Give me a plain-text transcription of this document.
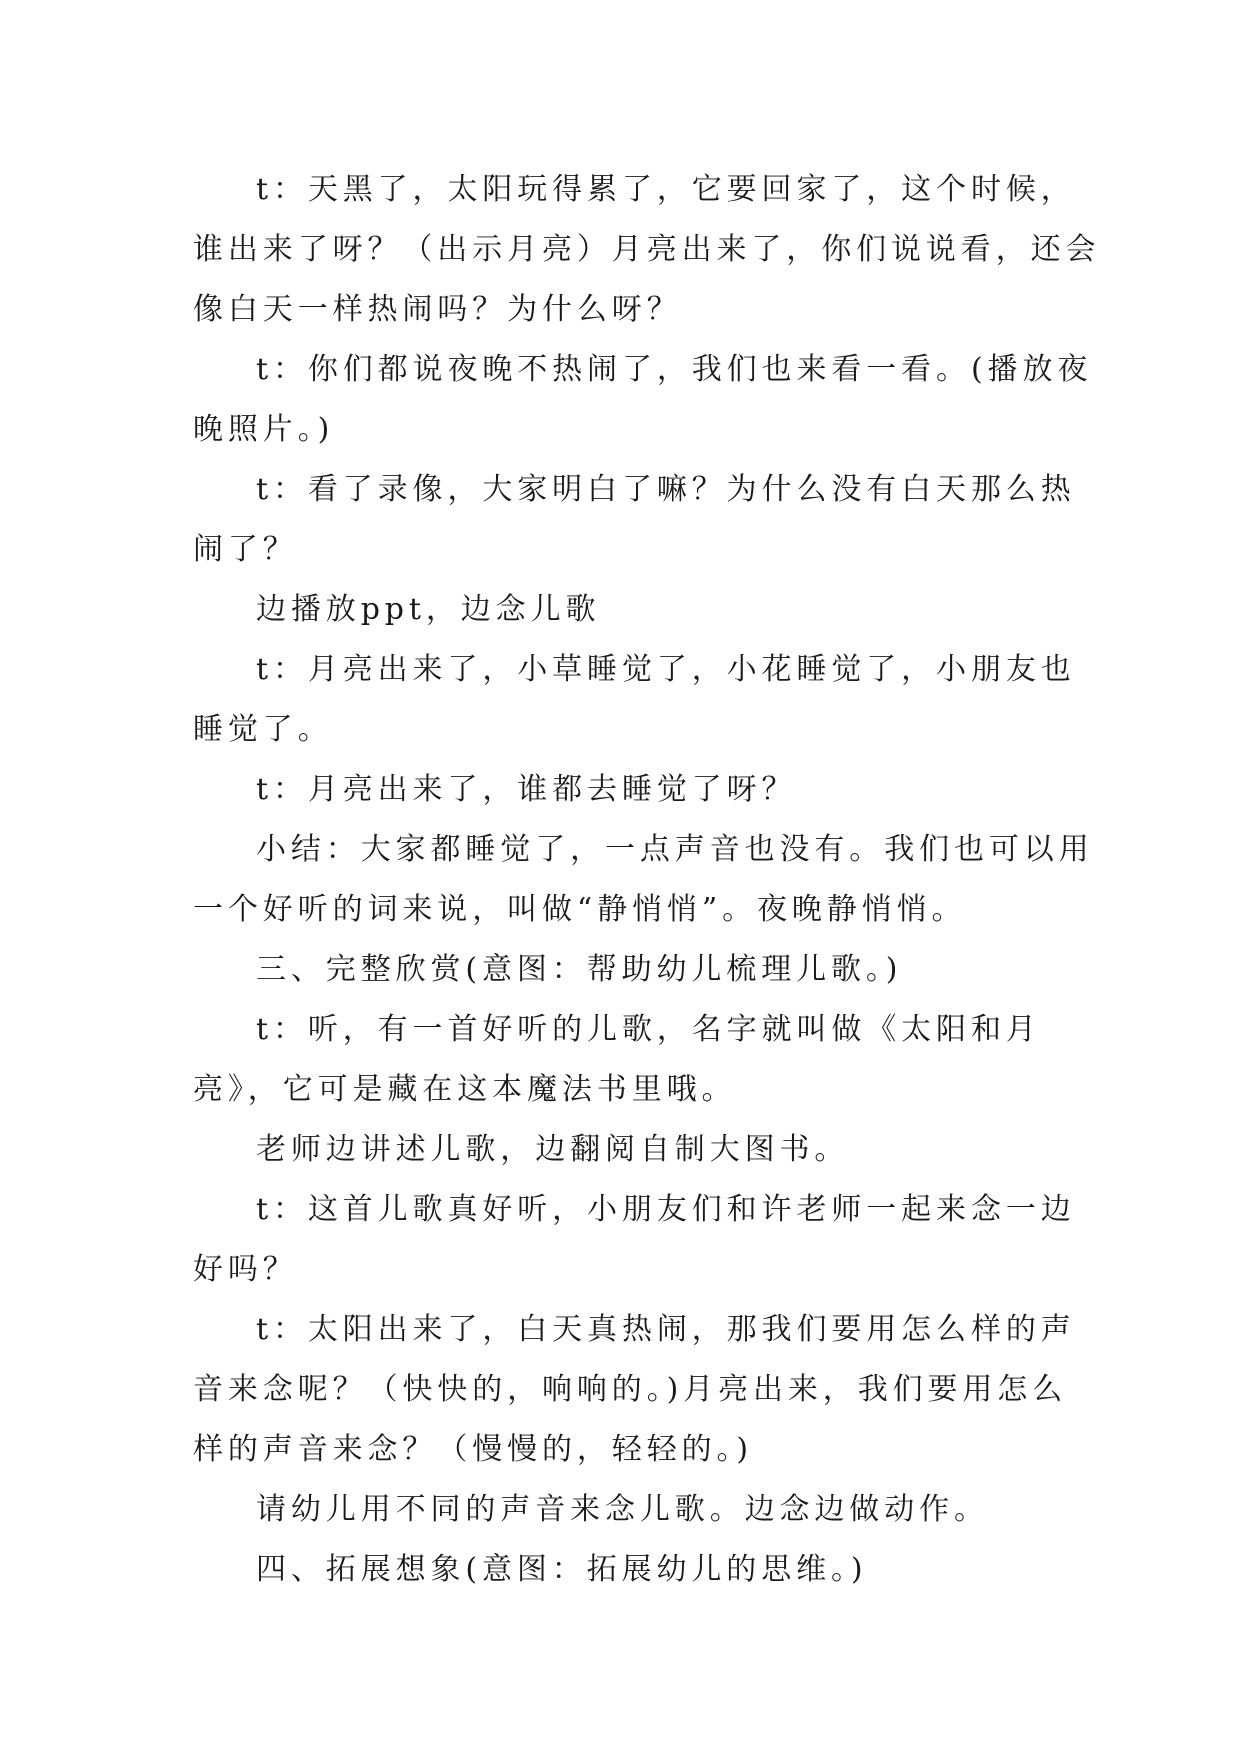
t：天黑了，太阳玩得累了，它要回家了，这个时候，
谁出来了呀？（出示月亮）月亮出来了，你们说说看，还会
像白天一样热闹吗？为什么呀？
t：你们都说夜晚不热闹了，我们也来看一看。(播放夜
晚照片。)
t：看了录像，大家明白了嘛？为什么没有白天那么热
闹了？
边播放ppt，边念儿歌
t：月亮出来了，小草睡觉了，小花睡觉了，小朋友也
睡觉了。
t：月亮出来了，谁都去睡觉了呀？
小结：大家都睡觉了，一点声音也没有。我们也可以用
一个好听的词来说，叫做“静悄悄”。夜晚静悄悄。
三、完整欣赏(意图：帮助幼儿梳理儿歌。)
t：听，有一首好听的儿歌，名字就叫做《太阳和月
亮》，它可是藏在这本魔法书里哦。
老师边讲述儿歌，边翻阅自制大图书。
t：这首儿歌真好听，小朋友们和许老师一起来念一边
好吗？
t：太阳出来了，白天真热闹，那我们要用怎么样的声
音来念呢？（快快的，响响的。)月亮出来，我们要用怎么
样的声音来念？（慢慢的，轻轻的。)
请幼儿用不同的声音来念儿歌。边念边做动作。
四、拓展想象(意图：拓展幼儿的思维。)
